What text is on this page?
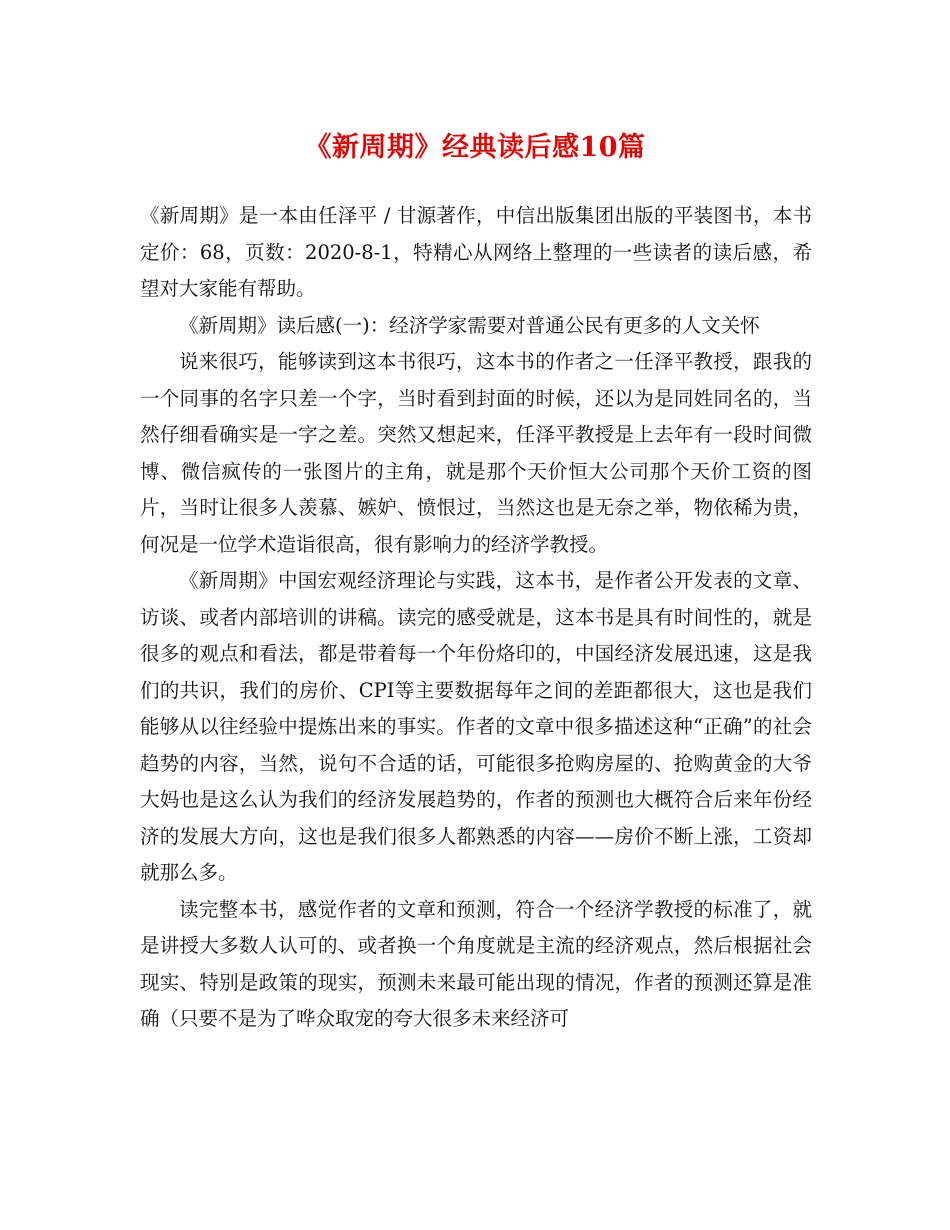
《新周期》经典读后感10篇

《新周期》是一本由任泽平 / 甘源著作，中信出版集团出版的平装图书，本书定价：68，页数：2020-8-1，特精心从网络上整理的一些读者的读后感，希望对大家能有帮助。

《新周期》读后感(一)：经济学家需要对普通公民有更多的人文关怀

说来很巧，能够读到这本书很巧，这本书的作者之一任泽平教授，跟我的一个同事的名字只差一个字，当时看到封面的时候，还以为是同姓同名的，当然仔细看确实是一字之差。突然又想起来，任泽平教授是上去年有一段时间微博、微信疯传的一张图片的主角，就是那个天价恒大公司那个天价工资的图片，当时让很多人羡慕、嫉妒、愤恨过，当然这也是无奈之举，物依稀为贵，何况是一位学术造诣很高，很有影响力的经济学教授。

《新周期》中国宏观经济理论与实践，这本书，是作者公开发表的文章、访谈、或者内部培训的讲稿。读完的感受就是，这本书是具有时间性的，就是很多的观点和看法，都是带着每一个年份烙印的，中国经济发展迅速，这是我们的共识，我们的房价、CPI等主要数据每年之间的差距都很大，这也是我们能够从以往经验中提炼出来的事实。作者的文章中很多描述这种“正确”的社会趋势的内容，当然，说句不合适的话，可能很多抢购房屋的、抢购黄金的大爷大妈也是这么认为我们的经济发展趋势的，作者的预测也大概符合后来年份经济的发展大方向，这也是我们很多人都熟悉的内容——房价不断上涨，工资却就那么多。

读完整本书，感觉作者的文章和预测，符合一个经济学教授的标准了，就是讲授大多数人认可的、或者换一个角度就是主流的经济观点，然后根据社会现实、特别是政策的现实，预测未来最可能出现的情况，作者的预测还算是准确（只要不是为了哗众取宠的夸大很多未来经济可
